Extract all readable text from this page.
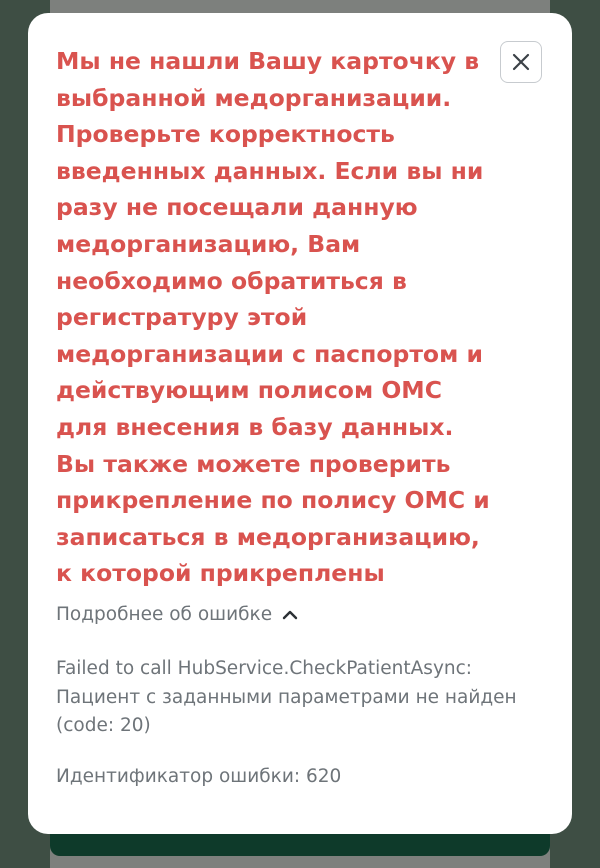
Мы не нашли Вашу карточку в выбранной медорганизации. Проверьте корректность введенных данных. Если вы ни разу не посещали данную медорганизацию, Вам необходимо обратиться в регистратуру этой медорганизации с паспортом и действующим полисом ОМС для внесения в базу данных. Вы также можете проверить прикрепление по полису ОМС и записаться в медорганизацию, к которой прикреплены

Подробнее об ошибке

Failed to call HubService.CheckPatientAsync: Пациент с заданными параметрами не найден (code: 20)

Идентификатор ошибки: 620
